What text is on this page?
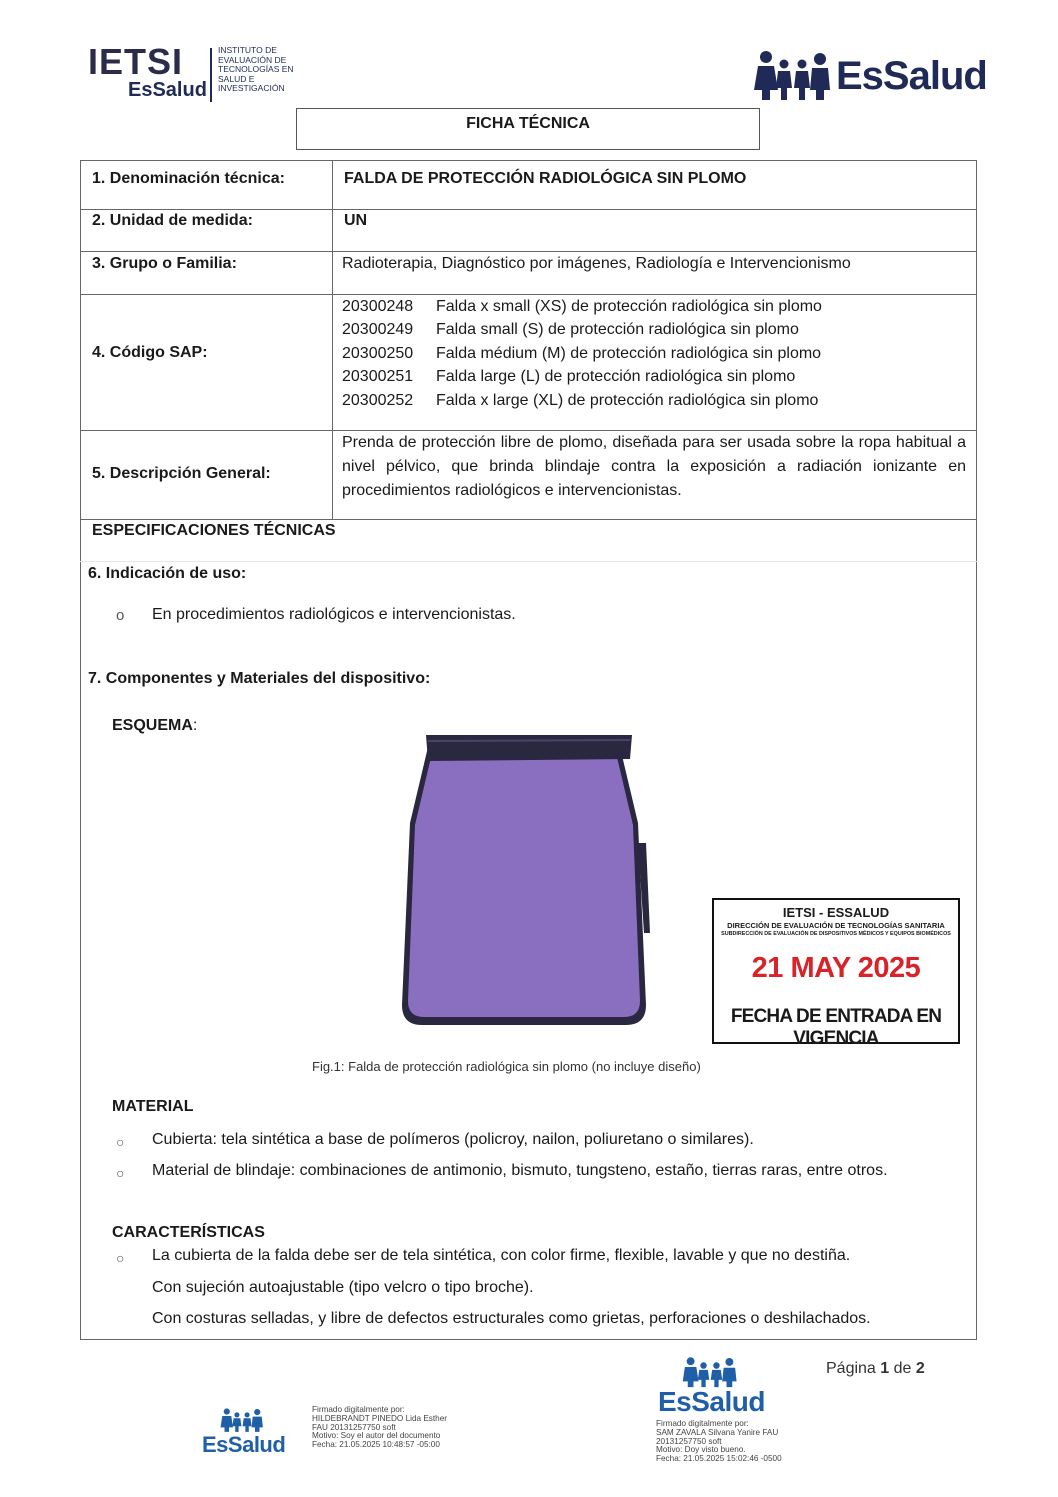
IETSI
EsSalud
INSTITUTO DE EVALUACIÓN DE TECNOLOGÍAS EN SALUD E INVESTIGACIÓN	EsSalud
FICHA TÉCNICA
1. Denominación técnica:	FALDA DE PROTECCIÓN RADIOLÓGICA SIN PLOMO
2. Unidad de medida:	UN
3. Grupo o Familia:	Radioterapia, Diagnóstico por imágenes, Radiología e Intervencionismo
4. Código SAP:
20300248 Falda x small (XS) de protección radiológica sin plomo
20300249 Falda small (S) de protección radiológica sin plomo
20300250 Falda médium (M) de protección radiológica sin plomo
20300251 Falda large (L) de protección radiológica sin plomo
20300252 Falda x large (XL) de protección radiológica sin plomo
5. Descripción General:
Prenda de protección libre de plomo, diseñada para ser usada sobre la ropa habitual a nivel pélvico, que brinda blindaje contra la exposición a radiación ionizante en procedimientos radiológicos e intervencionistas.
ESPECIFICACIONES TÉCNICAS
6. Indicación de uso:
o En procedimientos radiológicos e intervencionistas.
7. Componentes y Materiales del dispositivo:
ESQUEMA:
IETSI - ESSALUD
DIRECCIÓN DE EVALUACIÓN DE TECNOLOGÍAS SANITARIA
SUBDIRECCIÓN DE EVALUACIÓN DE DISPOSITIVOS MÉDICOS Y EQUIPOS BIOMÉDICOS
21 MAY 2025
FECHA DE ENTRADA EN VIGENCIA
Fig.1: Falda de protección radiológica sin plomo (no incluye diseño)
MATERIAL
○ Cubierta: tela sintética a base de polímeros (policroy, nailon, poliuretano o similares).
○ Material de blindaje: combinaciones de antimonio, bismuto, tungsteno, estaño, tierras raras, entre otros.
CARACTERÍSTICAS
○ La cubierta de la falda debe ser de tela sintética, con color firme, flexible, lavable y que no destiña.
Con sujeción autoajustable (tipo velcro o tipo broche).
Con costuras selladas, y libre de defectos estructurales como grietas, perforaciones o deshilachados.
Página 1 de 2
EsSalud
Firmado digitalmente por:
HILDEBRANDT PINEDO Lida Esther
FAU 20131257750 soft
Motivo: Soy el autor del documento
Fecha: 21.05.2025 10:48:57 -05:00
EsSalud
Firmado digitalmente por:
SAM ZAVALA Silvana Yanire FAU
20131257750 soft
Motivo: Doy visto bueno.
Fecha: 21.05.2025 15:02:46 -0500
